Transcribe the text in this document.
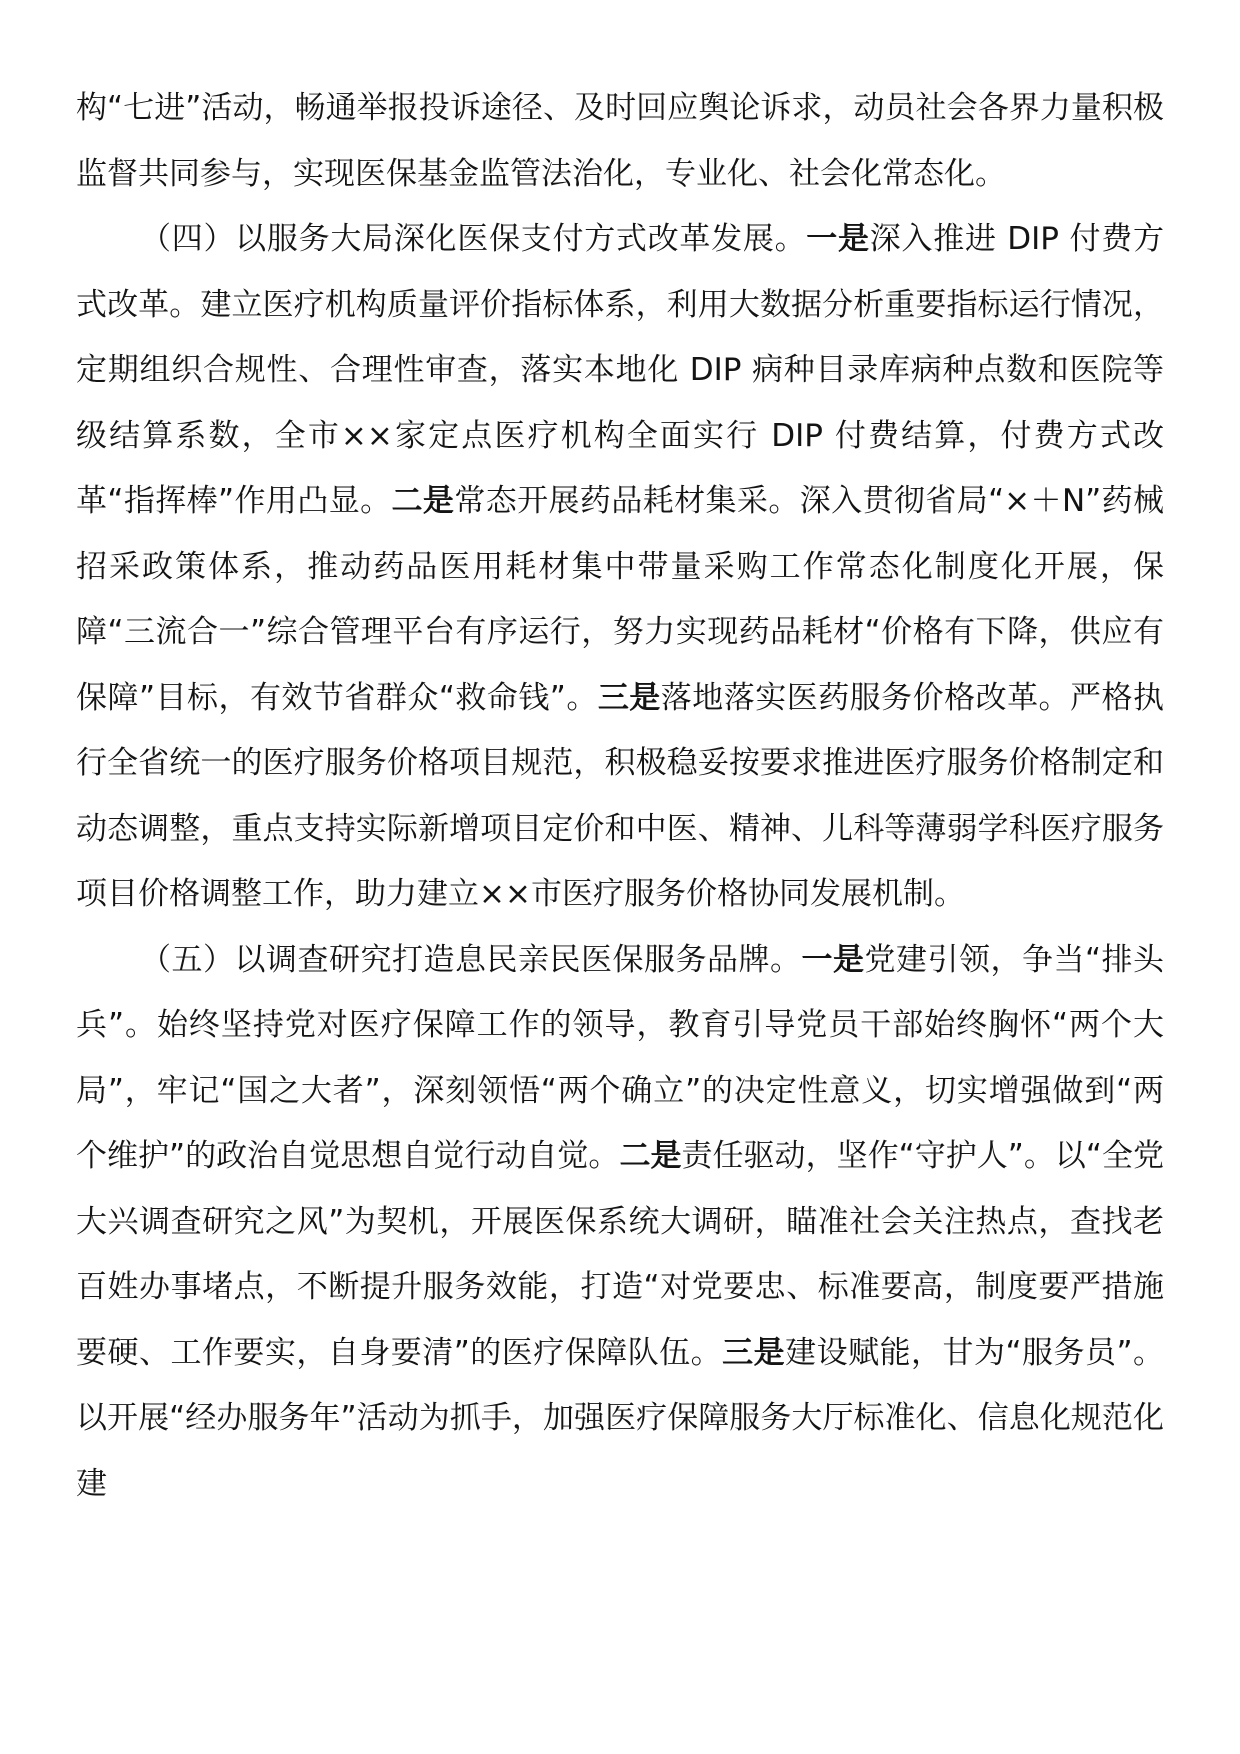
构“七进”活动，畅通举报投诉途径、及时回应舆论诉求，动员社会各界力量积极监督共同参与，实现医保基金监管法治化，专业化、社会化常态化。

（四）以服务大局深化医保支付方式改革发展。一是深入推进 DIP 付费方式改革。建立医疗机构质量评价指标体系，利用大数据分析重要指标运行情况，定期组织合规性、合理性审查，落实本地化 DIP 病种目录库病种点数和医院等级结算系数，全市××家定点医疗机构全面实行 DIP 付费结算，付费方式改革“指挥棒”作用凸显。二是常态开展药品耗材集采。深入贯彻省局“×＋N”药械招采政策体系，推动药品医用耗材集中带量采购工作常态化制度化开展，保障“三流合一”综合管理平台有序运行，努力实现药品耗材“价格有下降，供应有保障”目标，有效节省群众“救命钱”。三是落地落实医药服务价格改革。严格执行全省统一的医疗服务价格项目规范，积极稳妥按要求推进医疗服务价格制定和动态调整，重点支持实际新增项目定价和中医、精神、儿科等薄弱学科医疗服务项目价格调整工作，助力建立××市医疗服务价格协同发展机制。

（五）以调查研究打造息民亲民医保服务品牌。一是党建引领，争当“排头兵”。始终坚持党对医疗保障工作的领导，教育引导党员干部始终胸怀“两个大局”，牢记“国之大者”，深刻领悟“两个确立”的决定性意义，切实增强做到“两个维护”的政治自觉思想自觉行动自觉。二是责任驱动，坚作“守护人”。以“全党大兴调查研究之风”为契机，开展医保系统大调研，瞄准社会关注热点，查找老百姓办事堵点，不断提升服务效能，打造“对党要忠、标准要高，制度要严措施要硬、工作要实，自身要清”的医疗保障队伍。三是建设赋能，甘为“服务员”。以开展“经办服务年”活动为抓手，加强医疗保障服务大厅标准化、信息化规范化建
